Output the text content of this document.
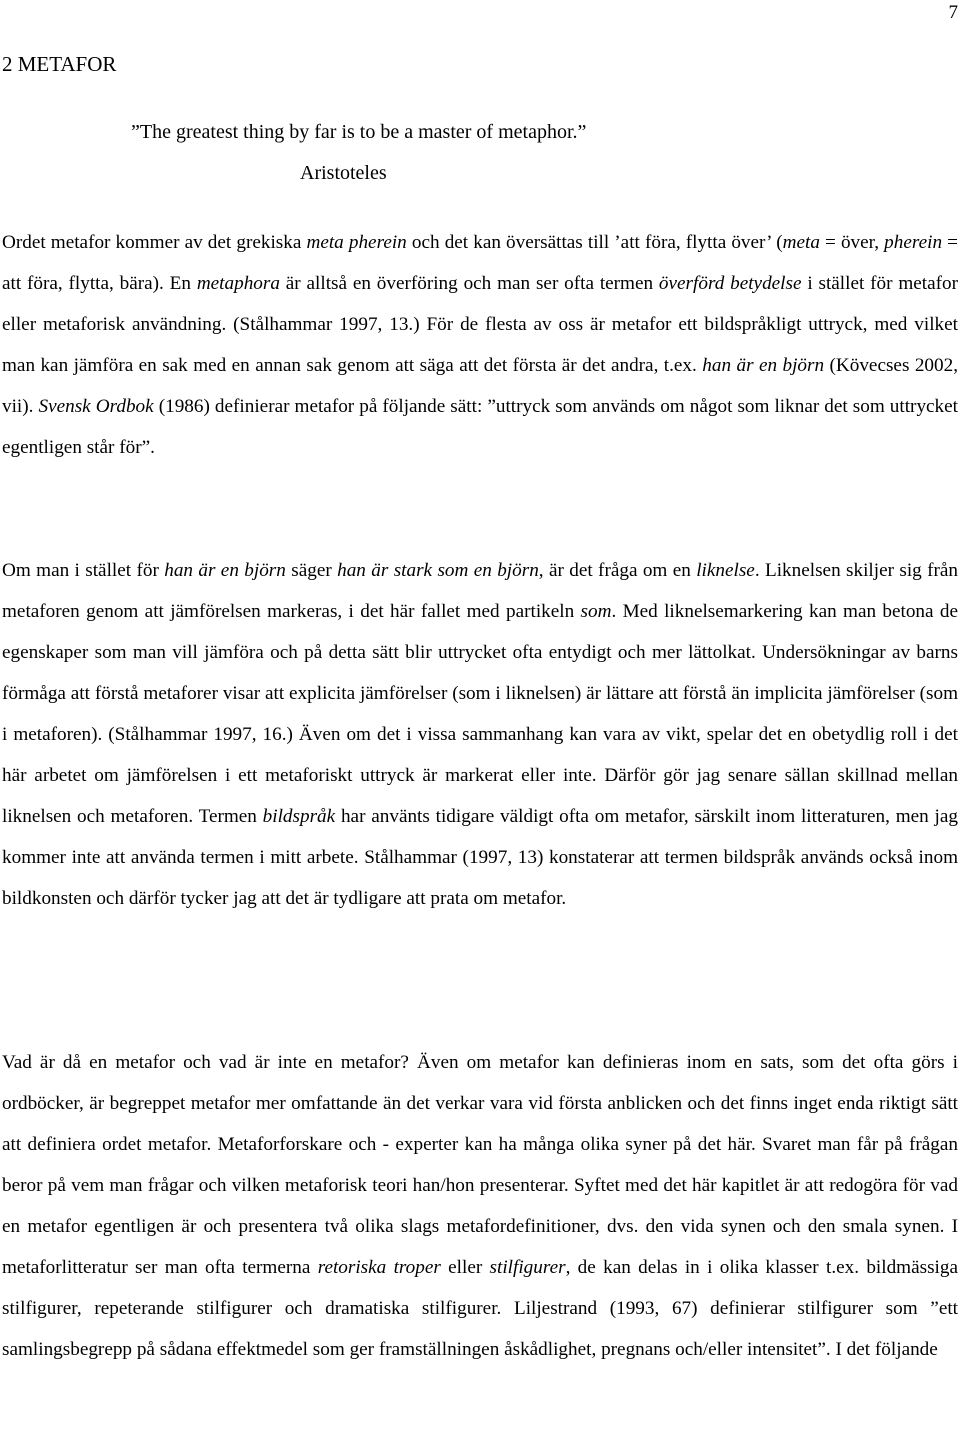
7
2 METAFOR
”The greatest thing by far is to be a master of metaphor.”
Aristoteles

Ordet metafor kommer av det grekiska meta pherein och det kan översättas till ’att föra, flytta över’ (meta = över, pherein = att föra, flytta, bära). En metaphora är alltså en överföring och man ser ofta termen överförd betydelse i stället för metafor eller metaforisk användning. (Stålhammar 1997, 13.) För de flesta av oss är metafor ett bildspråkligt uttryck, med vilket man kan jämföra en sak med en annan sak genom att säga att det första är det andra, t.ex. han är en björn (Kövecses 2002, vii). Svensk Ordbok (1986) definierar metafor på följande sätt: ”uttryck som används om något som liknar det som uttrycket egentligen står för”.

Om man i stället för han är en björn säger han är stark som en björn, är det fråga om en liknelse. Liknelsen skiljer sig från metaforen genom att jämförelsen markeras, i det här fallet med partikeln som. Med liknelsemarkering kan man betona de egenskaper som man vill jämföra och på detta sätt blir uttrycket ofta entydigt och mer lättolkat. Undersökningar av barns förmåga att förstå metaforer visar att explicita jämförelser (som i liknelsen) är lättare att förstå än implicita jämförelser (som i metaforen). (Stålhammar 1997, 16.) Även om det i vissa sammanhang kan vara av vikt, spelar det en obetydlig roll i det här arbetet om jämförelsen i ett metaforiskt uttryck är markerat eller inte. Därför gör jag senare sällan skillnad mellan liknelsen och metaforen. Termen bildspråk har använts tidigare väldigt ofta om metafor, särskilt inom litteraturen, men jag kommer inte att använda termen i mitt arbete. Stålhammar (1997, 13) konstaterar att termen bildspråk används också inom bildkonsten och därför tycker jag att det är tydligare att prata om metafor.

Vad är då en metafor och vad är inte en metafor? Även om metafor kan definieras inom en sats, som det ofta görs i ordböcker, är begreppet metafor mer omfattande än det verkar vara vid första anblicken och det finns inget enda riktigt sätt att definiera ordet metafor. Metaforforskare och - experter kan ha många olika syner på det här. Svaret man får på frågan beror på vem man frågar och vilken metaforisk teori han/hon presenterar. Syftet med det här kapitlet är att redogöra för vad en metafor egentligen är och presentera två olika slags metafordefinitioner, dvs. den vida synen och den smala synen. I metaforlitteratur ser man ofta termerna retoriska troper eller stilfigurer, de kan delas in i olika klasser t.ex. bildmässiga stilfigurer, repeterande stilfigurer och dramatiska stilfigurer. Liljestrand (1993, 67) definierar stilfigurer som ”ett samlingsbegrepp på sådana effektmedel som ger framställningen åskådlighet, pregnans och/eller intensitet”. I det följande
